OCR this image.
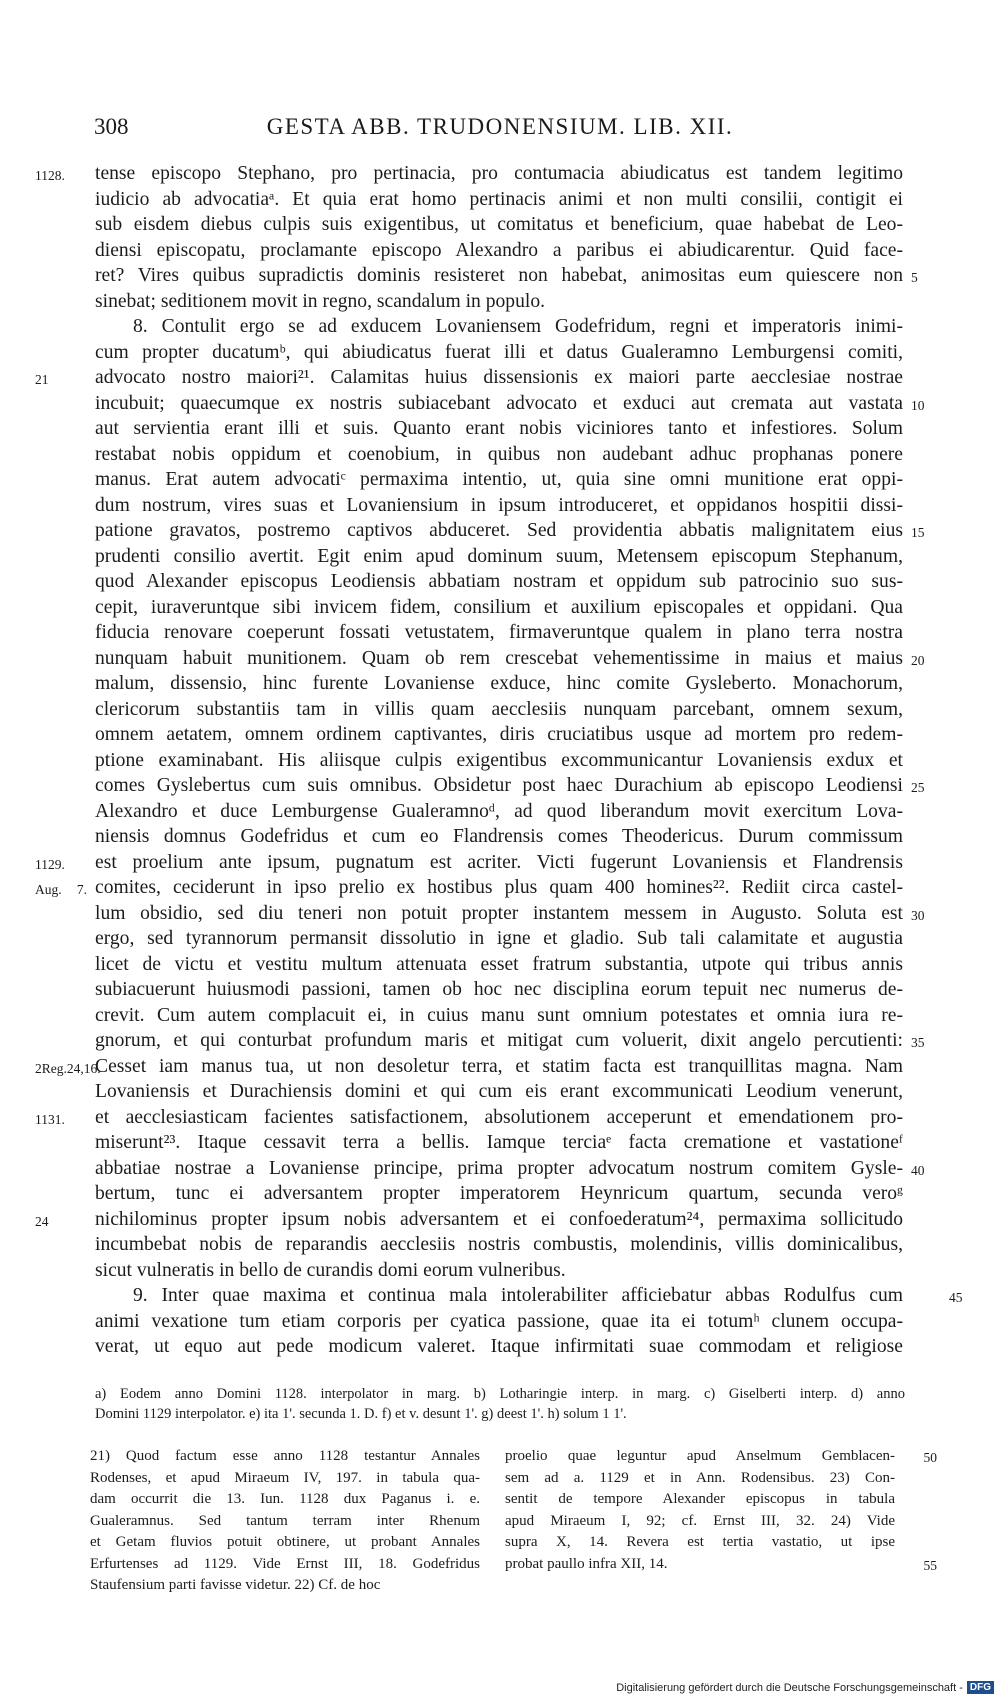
308	GESTA ABB. TRUDONENSIUM. LIB. XII.
tense episcopo Stephano, pro pertinacia, pro contumacia abiudicatus est tandem legitimo
1128.
iudicio ab advocatiaᵃ. Et quia erat homo pertinacis animi et non multi consilii, contigit ei
sub eisdem diebus culpis suis exigentibus, ut comitatus et beneficium, quae habebat de Leo-
diensi episcopatu, proclamante episcopo Alexandro a paribus ei abiudicarentur. Quid face-
ret? Vires quibus supradictis dominis resisteret non habebat, animositas eum quiescere non 5
sinebat; seditionem movit in regno, scandalum in populo.
8. Contulit ergo se ad exducem Lovaniensem Godefridum, regni et imperatoris inimi-
cum propter ducatumᵇ, qui abiudicatus fuerat illi et datus Gualeramno Lemburgensi comiti,
advocato nostro maiori²¹. Calamitas huius dissensionis ex maiori parte aecclesiae nostrae
21
incubuit; quaecumque ex nostris subiacebant advocato et exduci aut cremata aut vastata 10
aut servientia erant illi et suis. Quanto erant nobis viciniores tanto et infestiores. Solum
restabat nobis oppidum et coenobium, in quibus non audebant adhuc prophanas ponere
manus. Erat autem advocatiᶜ permaxima intentio, ut, quia sine omni munitione erat oppi-
dum nostrum, vires suas et Lovaniensium in ipsum introduceret, et oppidanos hospitii dissi-
patione gravatos, postremo captivos abduceret. Sed providentia abbatis malignitatem eius 15
prudenti consilio avertit. Egit enim apud dominum suum, Metensem episcopum Stephanum,
quod Alexander episcopus Leodiensis abbatiam nostram et oppidum sub patrocinio suo sus-
cepit, iuraveruntque sibi invicem fidem, consilium et auxilium episcopales et oppidani. Qua
fiducia renovare coeperunt fossati vetustatem, firmaveruntque qualem in plano terra nostra
nunquam habuit munitionem. Quam ob rem crescebat vehementissime in maius et maius 20
malum, dissensio, hinc furente Lovaniense exduce, hinc comite Gysleberto. Monachorum,
clericorum substantiis tam in villis quam aecclesiis nunquam parcebant, omnem sexum,
omnem aetatem, omnem ordinem captivantes, diris cruciatibus usque ad mortem pro redem-
ptione examinabant. His aliisque culpis exigentibus excommunicantur Lovaniensis exdux et
comes Gyslebertus cum suis omnibus. Obsidetur post haec Durachium ab episcopo Leodiensi 25
Alexandro et duce Lemburgense Gualeramnoᵈ, ad quod liberandum movit exercitum Lova-
niensis domnus Godefridus et cum eo Flandrensis comes Theodericus. Durum commissum
est proelium ante ipsum, pugnatum est acriter. Victi fugerunt Lovaniensis et Flandrensis
1129.
comites, ceciderunt in ipso prelio ex hostibus plus quam 400 homines²². Rediit circa castel-
Aug. 7.
lum obsidio, sed diu teneri non potuit propter instantem messem in Augusto. Soluta est 30
ergo, sed tyrannorum permansit dissolutio in igne et gladio. Sub tali calamitate et augustia
licet de victu et vestitu multum attenuata esset fratrum substantia, utpote qui tribus annis
subiacuerunt huiusmodi passioni, tamen ob hoc nec disciplina eorum tepuit nec numerus de-
crevit. Cum autem complacuit ei, in cuius manu sunt omnium potestates et omnia iura re-
gnorum, et qui conturbat profundum maris et mitigat cum voluerit, dixit angelo percutienti: 35
Cesset iam manus tua, ut non desoletur terra, et statim facta est tranquillitas magna. Nam
2Reg.24,16.
Lovaniensis et Durachiensis domini et qui cum eis erant excommunicati Leodium venerunt,
et aecclesiasticam facientes satisfactionem, absolutionem acceperunt et emendationem pro-
1131.
miserunt²³. Itaque cessavit terra a bellis. Iamque terciaᵉ facta crematione et vastationeᶠ
abbatiae nostrae a Lovaniense principe, prima propter advocatum nostrum comitem Gysle- 40
bertum, tunc ei adversantem propter imperatorem Heynricum quartum, secunda veroᵍ
nichilominus propter ipsum nobis adversantem et ei confoederatum²⁴, permaxima sollicitudo
24
incumbebat nobis de reparandis aecclesiis nostris combustis, molendinis, villis dominicalibus,
sicut vulneratis in bello de curandis domi eorum vulneribus.
9. Inter quae maxima et continua mala intolerabiliter afficiebatur abbas Rodulfus cum	45
animi vexatione tum etiam corporis per cyatica passione, quae ita ei totumʰ clunem occupa-
verat, ut equo aut pede modicum valeret. Itaque infirmitati suae commodam et religiose
a) Eodem anno Domini 1128. interpolator in marg. b) Lotharingie interp. in marg. c) Giselberti interp. d) anno
Domini 1129 interpolator. e) ita 1'. secunda 1. D. f) et v. desunt 1'. g) deest 1'. h) solum 1 1'.
21) Quod factum esse anno 1128 testantur Annales
Rodenses, et apud Miraeum IV, 197. in tabula qua-
dam occurrit die 13. Iun. 1128 dux Paganus i. e.
Gualeramnus. Sed tantum terram inter Rhenum
et Getam fluvios potuit obtinere, ut probant Annales
Erfurtenses ad 1129. Vide Ernst III, 18. Godefridus
Staufensium parti favisse videtur. 22) Cf. de hoc
proelio quae leguntur apud Anselmum Gemblacen- 50
sem ad a. 1129 et in Ann. Rodensibus. 23) Con-
sentit de tempore Alexander episcopus in tabula
apud Miraeum I, 92; cf. Ernst III, 32. 24) Vide
supra X, 14. Revera est tertia vastatio, ut ipse
probat paullo infra XII, 14.	55
Digitalisierung gefördert durch die Deutsche Forschungsgemeinschaft - DFG
